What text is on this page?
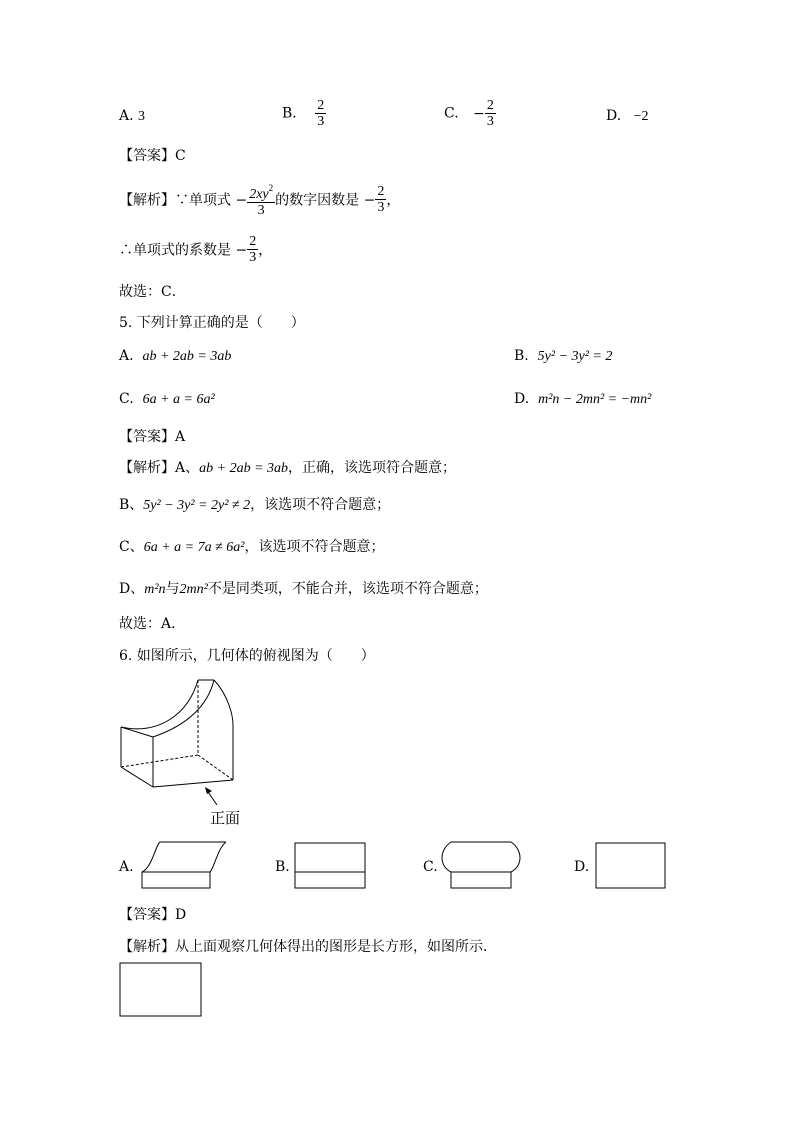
A. 3	B. $\frac{2}{3}$	C. − $\frac{2}{3}$	D. −2
【答案】C
【解析】∵单项式 − $\frac{2xy^2}{3}$ 的数字因数是 − $\frac{2}{3}$ ，
∴单项式的系数是 − $\frac{2}{3}$ ，
故选：C．
5. 下列计算正确的是（　　）
A. ab + 2ab = 3ab	B. 5y² − 3y² = 2
C. 6a + a = 6a²	D. m²n − 2mn² = −mn²
【答案】A
【解析】A、ab + 2ab = 3ab，正确，该选项符合题意；
B、5y² − 3y² = 2y² ≠ 2，该选项不符合题意；
C、6a + a = 7a ≠ 6a²，该选项不符合题意；
D、m²n与2mn²不是同类项，不能合并，该选项不符合题意；
故选：A．
6. 如图所示，几何体的俯视图为（　　）
正面
A.	B.	C.	D.
【答案】D
【解析】从上面观察几何体得出的图形是长方形，如图所示．
